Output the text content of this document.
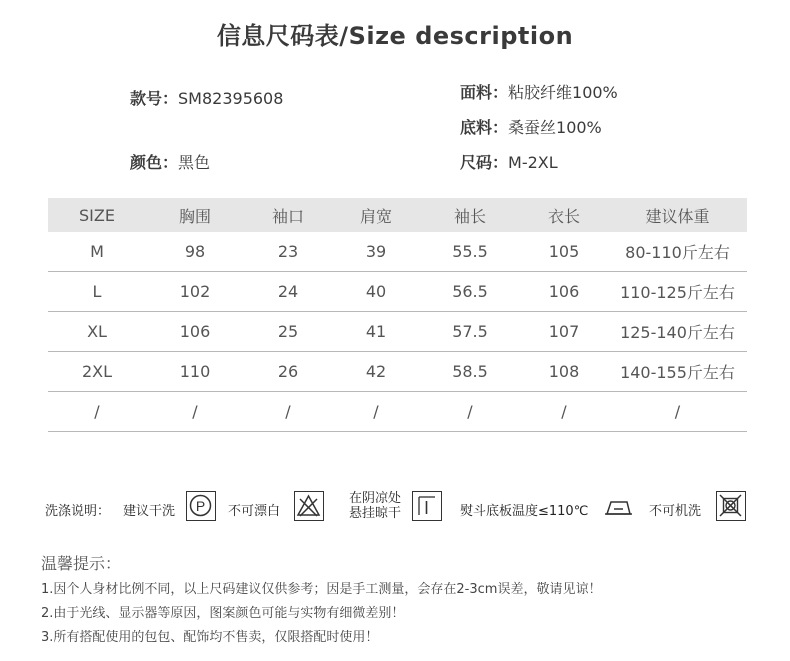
信息尺码表/Size description
款号：SM82395608	面料：粘胶纤维100%
底料：桑蚕丝100%
颜色：黑色	尺码：M-2XL
SIZE	胸围	袖口	肩宽	袖长	衣长	建议体重
M	98	23	39	55.5	105	80-110斤左右
L	102	24	40	56.5	106	110-125斤左右
XL	106	25	41	57.5	107	125-140斤左右
2XL	110	26	42	58.5	108	140-155斤左右
/	/	/	/	/	/	/
洗涤说明： 建议干洗 P 不可漂白
在阴凉处
悬挂晾干	熨斗底板温度≤110℃	不可机洗
温馨提示：
1.因个人身材比例不同，以上尺码建议仅供参考；因是手工测量，会存在2-3cm误差，敬请见谅！
2.由于光线、显示器等原因，图案颜色可能与实物有细微差别！
3.所有搭配使用的包包、配饰均不售卖，仅限搭配时使用！
